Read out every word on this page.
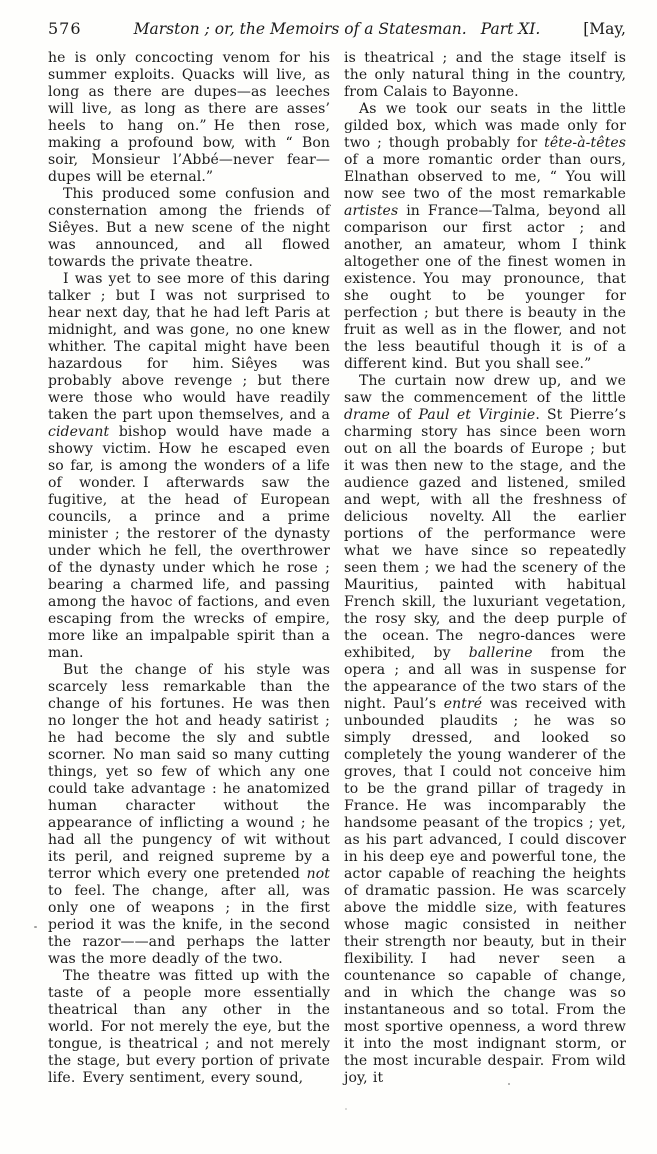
576	Marston ; or, the Memoirs of a Statesman. Part XI.	[May,

he is only concocting venom for his summer exploits. Quacks will live, as long as there are dupes—as leeches will live, as long as there are asses’ heels to hang on.” He then rose, making a profound bow, with “ Bon soir, Monsieur l’Abbé—never fear—dupes will be eternal.”

This produced some confusion and consternation among the friends of Siêyes. But a new scene of the night was announced, and all flowed towards the private theatre.

I was yet to see more of this daring talker ; but I was not surprised to hear next day, that he had left Paris at midnight, and was gone, no one knew whither. The capital might have been hazardous for him. Siêyes was probably above revenge ; but there were those who would have readily taken the part upon themselves, and a cidevant bishop would have made a showy victim. How he escaped even so far, is among the wonders of a life of wonder. I afterwards saw the fugitive, at the head of European councils, a prince and a prime minister ; the restorer of the dynasty under which he fell, the overthrower of the dynasty under which he rose ; bearing a charmed life, and passing among the havoc of factions, and even escaping from the wrecks of empire, more like an impalpable spirit than a man.

But the change of his style was scarcely less remarkable than the change of his fortunes. He was then no longer the hot and heady satirist ; he had become the sly and subtle scorner. No man said so many cutting things, yet so few of which any one could take advantage : he anatomized human character without the appearance of inflicting a wound ; he had all the pungency of wit without its peril, and reigned supreme by a terror which every one pretended not to feel. The change, after all, was only one of weapons ; in the first period it was the knife, in the second the razor——and perhaps the latter was the more deadly of the two.

The theatre was fitted up with the taste of a people more essentially theatrical than any other in the world. For not merely the eye, but the tongue, is theatrical ; and not merely the stage, but every portion of private life. Every sentiment, every sound,

is theatrical ; and the stage itself is the only natural thing in the country, from Calais to Bayonne.

As we took our seats in the little gilded box, which was made only for two ; though probably for tête-à-têtes of a more romantic order than ours, Elnathan observed to me, “ You will now see two of the most remarkable artistes in France—Talma, beyond all comparison our first actor ; and another, an amateur, whom I think altogether one of the finest women in existence. You may pronounce, that she ought to be younger for perfection ; but there is beauty in the fruit as well as in the flower, and not the less beautiful though it is of a different kind. But you shall see.”

The curtain now drew up, and we saw the commencement of the little drame of Paul et Virginie. St Pierre’s charming story has since been worn out on all the boards of Europe ; but it was then new to the stage, and the audience gazed and listened, smiled and wept, with all the freshness of delicious novelty. All the earlier portions of the performance were what we have since so repeatedly seen them ; we had the scenery of the Mauritius, painted with habitual French skill, the luxuriant vegetation, the rosy sky, and the deep purple of the ocean. The negro-dances were exhibited, by ballerine from the opera ; and all was in suspense for the appearance of the two stars of the night. Paul’s entré was received with unbounded plaudits ; he was so simply dressed, and looked so completely the young wanderer of the groves, that I could not conceive him to be the grand pillar of tragedy in France. He was incomparably the handsome peasant of the tropics ; yet, as his part advanced, I could discover in his deep eye and powerful tone, the actor capable of reaching the heights of dramatic passion. He was scarcely above the middle size, with features whose magic consisted in neither their strength nor beauty, but in their flexibility. I had never seen a countenance so capable of change, and in which the change was so instantaneous and so total. From the most sportive openness, a word threw it into the most indignant storm, or the most incurable despair. From wild joy, it
